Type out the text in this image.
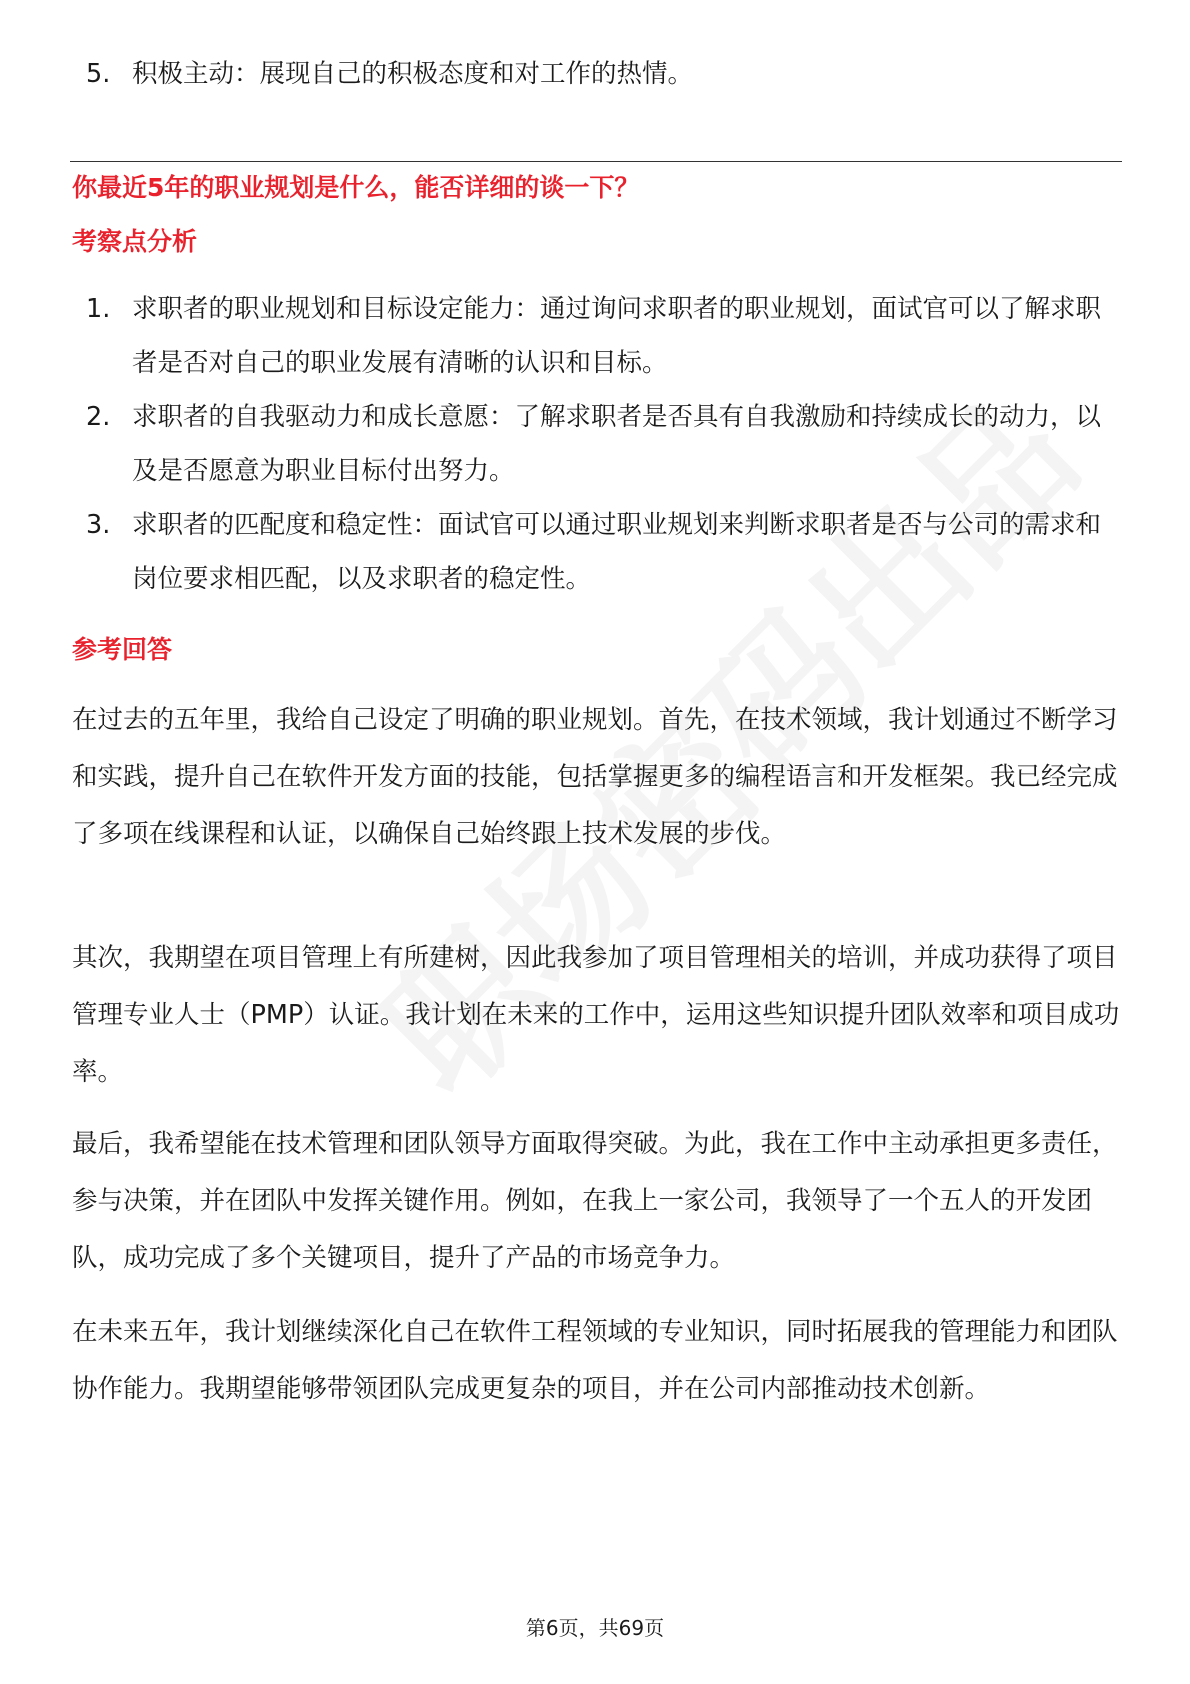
5. 积极主动：展现自己的积极态度和对工作的热情。
你最近5年的职业规划是什么，能否详细的谈一下？
考察点分析
1. 求职者的职业规划和目标设定能力：通过询问求职者的职业规划，面试官可以了解求职者是否对自己的职业发展有清晰的认识和目标。
2. 求职者的自我驱动力和成长意愿：了解求职者是否具有自我激励和持续成长的动力，以及是否愿意为职业目标付出努力。
3. 求职者的匹配度和稳定性：面试官可以通过职业规划来判断求职者是否与公司的需求和岗位要求相匹配，以及求职者的稳定性。
参考回答

在过去的五年里，我给自己设定了明确的职业规划。首先，在技术领域，我计划通过不断学习和实践，提升自己在软件开发方面的技能，包括掌握更多的编程语言和开发框架。我已经完成了多项在线课程和认证，以确保自己始终跟上技术发展的步伐。

其次，我期望在项目管理上有所建树，因此我参加了项目管理相关的培训，并成功获得了项目管理专业人士（PMP）认证。我计划在未来的工作中，运用这些知识提升团队效率和项目成功率。

最后，我希望能在技术管理和团队领导方面取得突破。为此，我在工作中主动承担更多责任，参与决策，并在团队中发挥关键作用。例如，在我上一家公司，我领导了一个五人的开发团队，成功完成了多个关键项目，提升了产品的市场竞争力。

在未来五年，我计划继续深化自己在软件工程领域的专业知识，同时拓展我的管理能力和团队协作能力。我期望能够带领团队完成更复杂的项目，并在公司内部推动技术创新。

第6页，共69页
